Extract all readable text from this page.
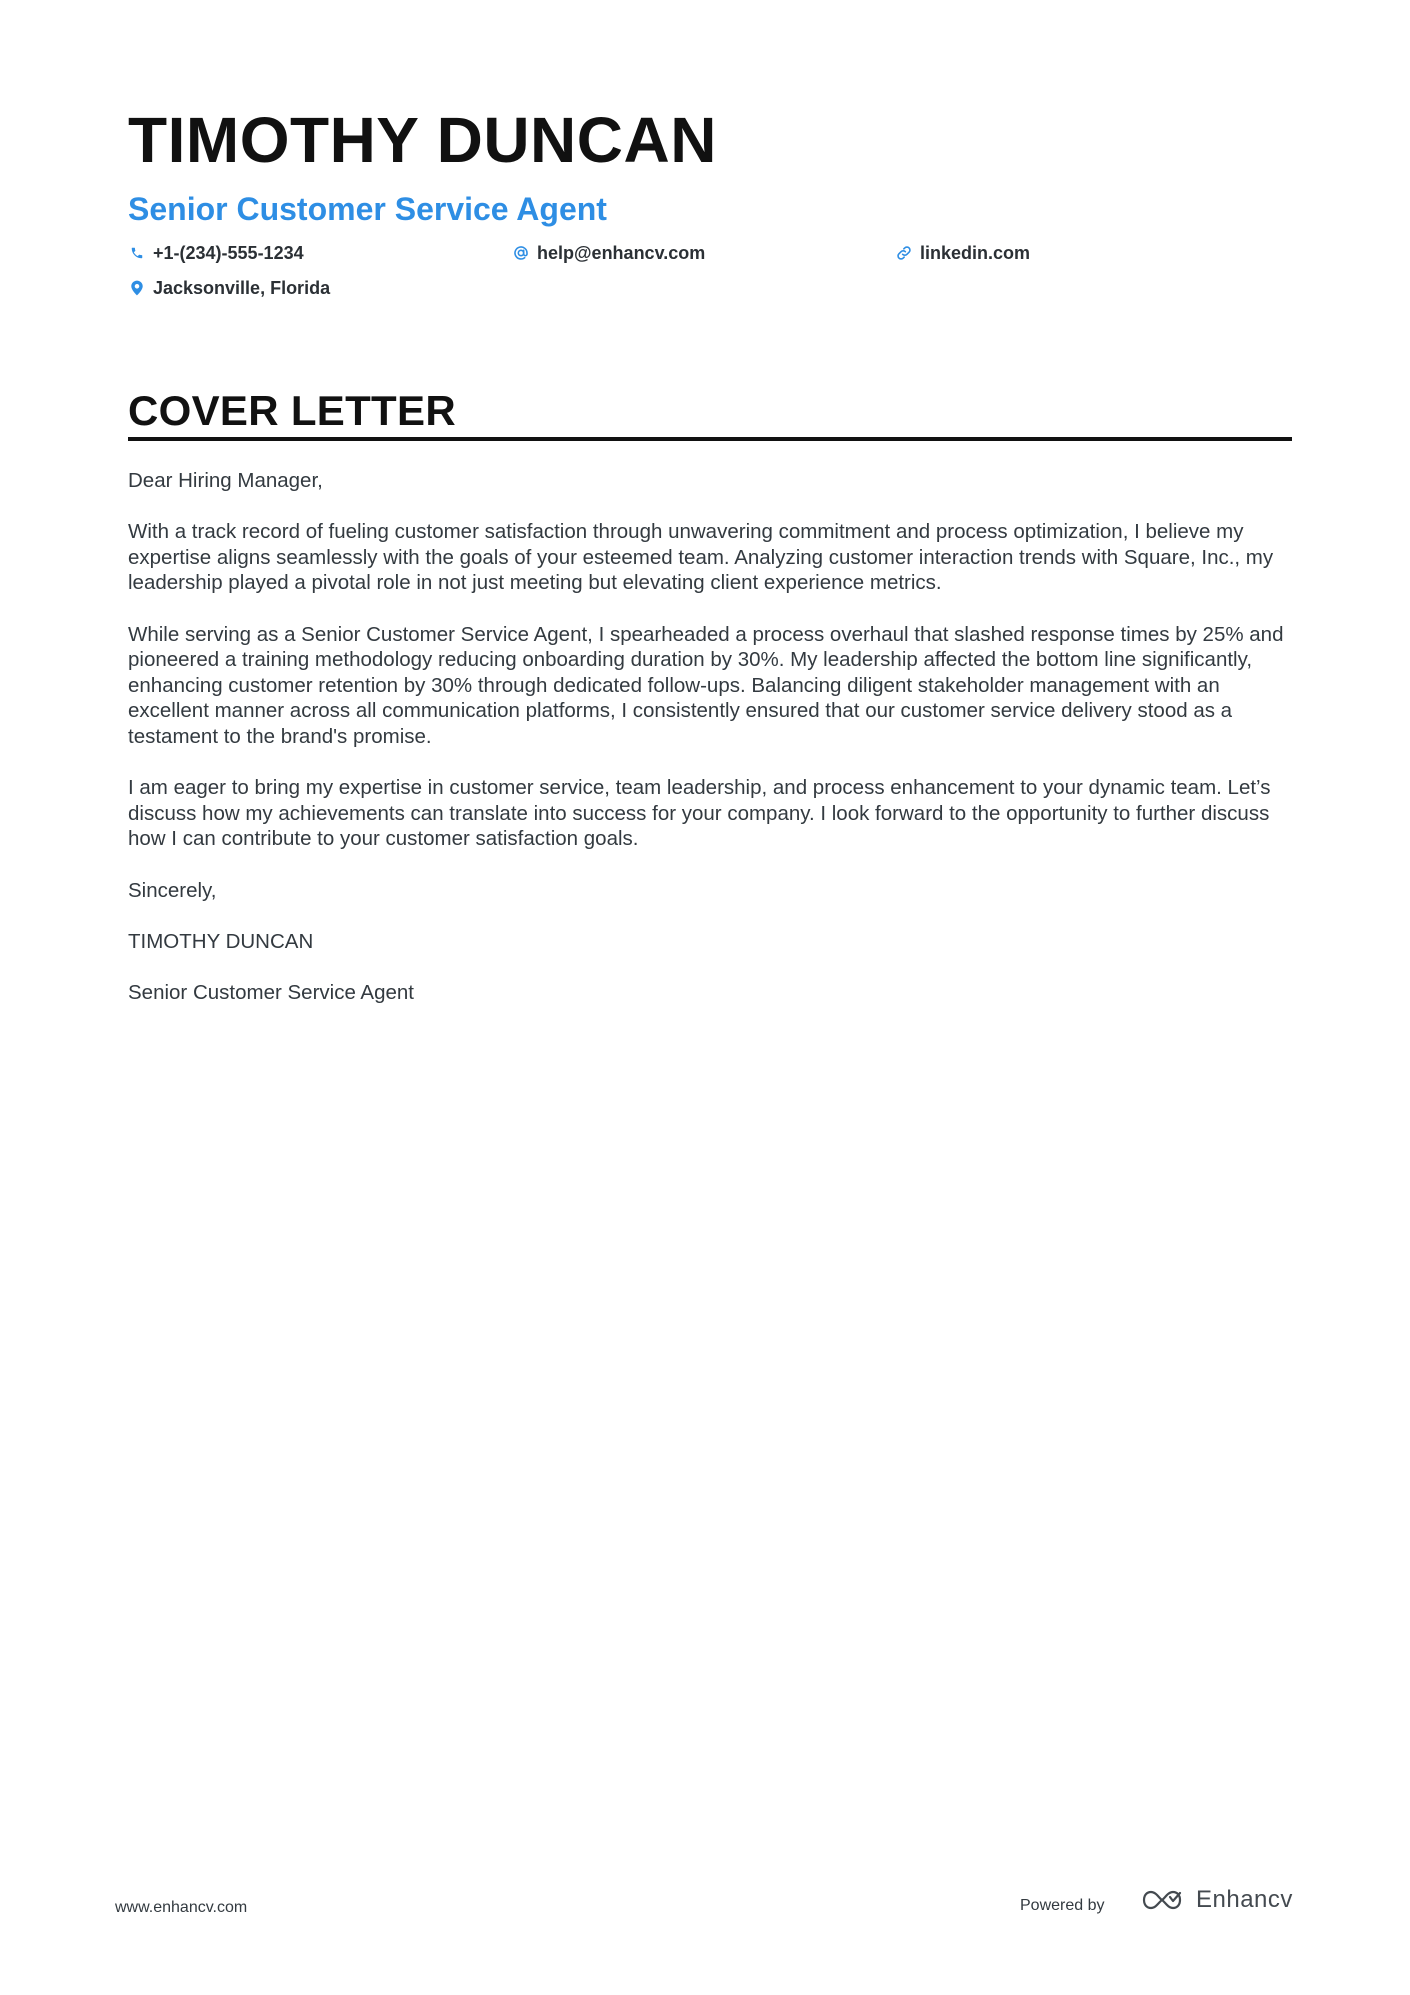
TIMOTHY DUNCAN
Senior Customer Service Agent
+1-(234)-555-1234	help@enhancv.com	linkedin.com
Jacksonville, Florida
COVER LETTER

Dear Hiring Manager,

With a track record of fueling customer satisfaction through unwavering commitment and process optimization, I believe my expertise aligns seamlessly with the goals of your esteemed team. Analyzing customer interaction trends with Square, Inc., my leadership played a pivotal role in not just meeting but elevating client experience metrics.

While serving as a Senior Customer Service Agent, I spearheaded a process overhaul that slashed response times by 25% and pioneered a training methodology reducing onboarding duration by 30%. My leadership affected the bottom line significantly, enhancing customer retention by 30% through dedicated follow-ups. Balancing diligent stakeholder management with an excellent manner across all communication platforms, I consistently ensured that our customer service delivery stood as a testament to the brand's promise.

I am eager to bring my expertise in customer service, team leadership, and process enhancement to your dynamic team. Let’s discuss how my achievements can translate into success for your company. I look forward to the opportunity to further discuss how I can contribute to your customer satisfaction goals.

Sincerely,

TIMOTHY DUNCAN

Senior Customer Service Agent

www.enhancv.com	Powered by	Enhancv
